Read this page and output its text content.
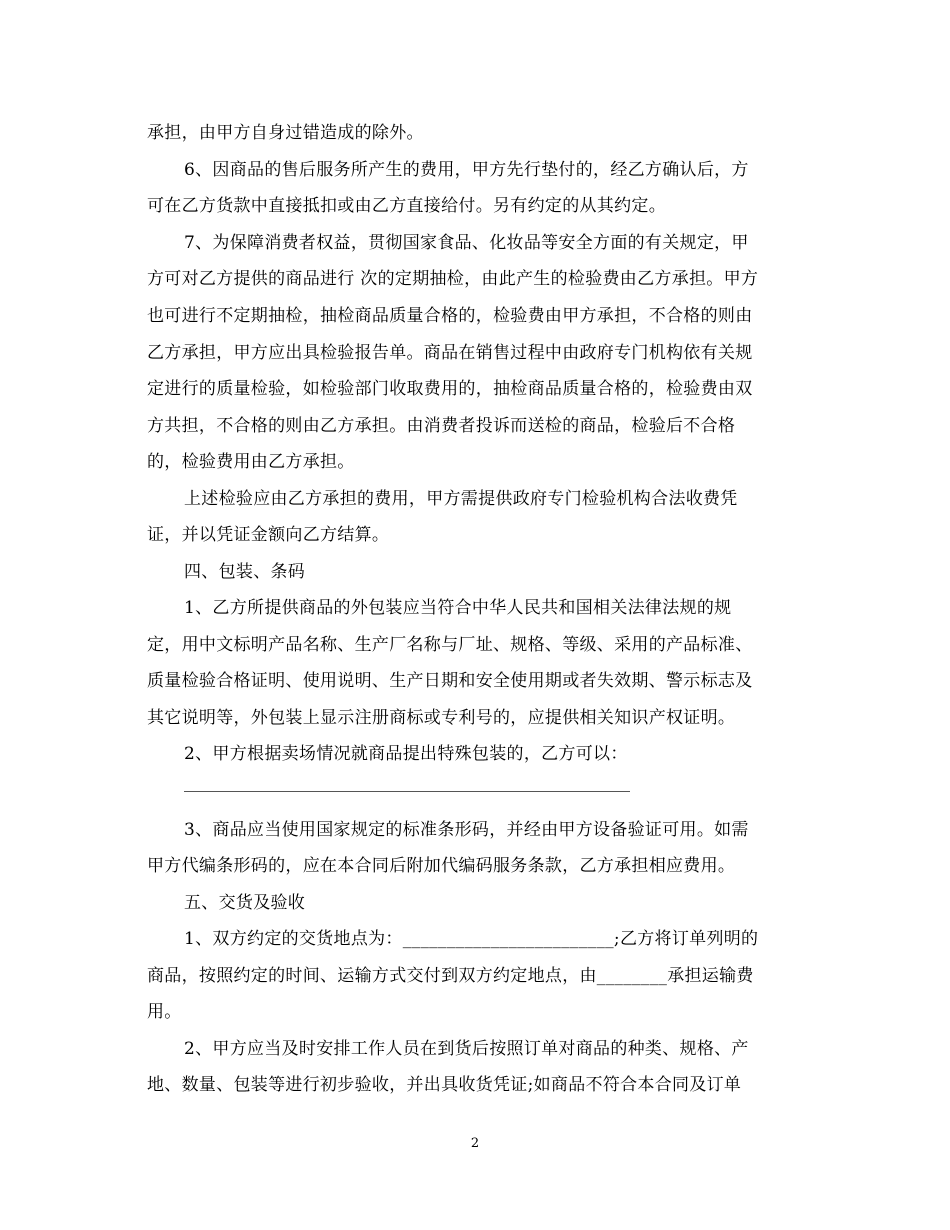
承担，由甲方自身过错造成的除外。
6、因商品的售后服务所产生的费用，甲方先行垫付的，经乙方确认后，方
可在乙方货款中直接抵扣或由乙方直接给付。另有约定的从其约定。
7、为保障消费者权益，贯彻国家食品、化妆品等安全方面的有关规定，甲
方可对乙方提供的商品进行 次的定期抽检，由此产生的检验费由乙方承担。甲方
也可进行不定期抽检，抽检商品质量合格的，检验费由甲方承担，不合格的则由
乙方承担，甲方应出具检验报告单。商品在销售过程中由政府专门机构依有关规
定进行的质量检验，如检验部门收取费用的，抽检商品质量合格的，检验费由双
方共担，不合格的则由乙方承担。由消费者投诉而送检的商品，检验后不合格
的，检验费用由乙方承担。
上述检验应由乙方承担的费用，甲方需提供政府专门检验机构合法收费凭
证，并以凭证金额向乙方结算。
四、包装、条码
1、乙方所提供商品的外包装应当符合中华人民共和国相关法律法规的规
定，用中文标明产品名称、生产厂名称与厂址、规格、等级、采用的产品标准、
质量检验合格证明、使用说明、生产日期和安全使用期或者失效期、警示标志及
其它说明等，外包装上显示注册商标或专利号的，应提供相关知识产权证明。
2、甲方根据卖场情况就商品提出特殊包装的，乙方可以：
3、商品应当使用国家规定的标准条形码，并经由甲方设备验证可用。如需
甲方代编条形码的，应在本合同后附加代编码服务条款，乙方承担相应费用。
五、交货及验收
1、双方约定的交货地点为：________________________;乙方将订单列明的
商品，按照约定的时间、运输方式交付到双方约定地点，由________承担运输费
用。
2、甲方应当及时安排工作人员在到货后按照订单对商品的种类、规格、产
地、数量、包装等进行初步验收，并出具收货凭证;如商品不符合本合同及订单
2
